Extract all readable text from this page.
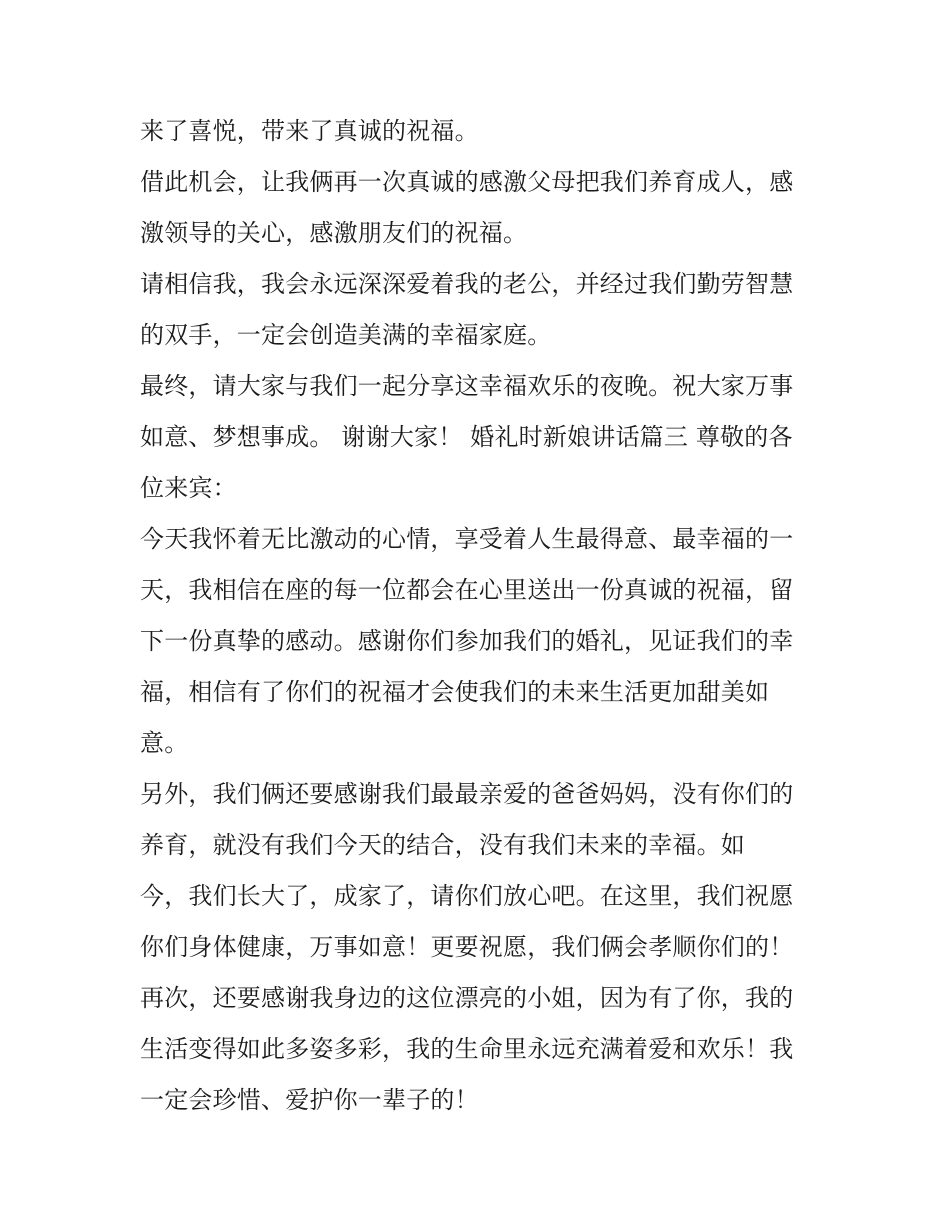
来了喜悦，带来了真诚的祝福。
借此机会，让我俩再一次真诚的感激父母把我们养育成人，感
激领导的关心，感激朋友们的祝福。
请相信我，我会永远深深爱着我的老公，并经过我们勤劳智慧
的双手，一定会创造美满的幸福家庭。
最终，请大家与我们一起分享这幸福欢乐的夜晚。祝大家万事
如意、梦想事成。 谢谢大家！ 婚礼时新娘讲话篇三 尊敬的各
位来宾：
今天我怀着无比激动的心情，享受着人生最得意、最幸福的一
天，我相信在座的每一位都会在心里送出一份真诚的祝福，留
下一份真挚的感动。感谢你们参加我们的婚礼，见证我们的幸
福，相信有了你们的祝福才会使我们的未来生活更加甜美如
意。
另外，我们俩还要感谢我们最最亲爱的爸爸妈妈，没有你们的
养育，就没有我们今天的结合，没有我们未来的幸福。如
今，我们长大了，成家了，请你们放心吧。在这里，我们祝愿
你们身体健康，万事如意！更要祝愿，我们俩会孝顺你们的！
再次，还要感谢我身边的这位漂亮的小姐，因为有了你，我的
生活变得如此多姿多彩，我的生命里永远充满着爱和欢乐！我
一定会珍惜、爱护你一辈子的！
